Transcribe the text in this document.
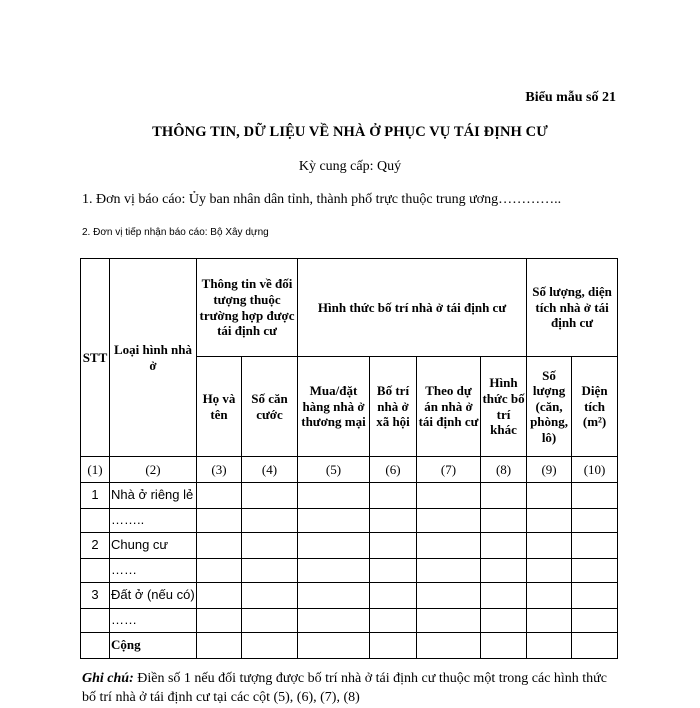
Biểu mẫu số 21
THÔNG TIN, DỮ LIỆU VỀ NHÀ Ở PHỤC VỤ TÁI ĐỊNH CƯ
Kỳ cung cấp: Quý
1. Đơn vị báo cáo: Ủy ban nhân dân tỉnh, thành phố trực thuộc trung ương…………..
2. Đơn vị tiếp nhận báo cáo: Bộ Xây dựng
STT	Loại hình nhà ở	Thông tin về đối tượng thuộc trường hợp được tái định cư		Hình thức bố trí nhà ở tái định cư				Số lượng, diện tích nhà ở tái định cư	
		Họ và tên	Số căn cước	Mua/đặt hàng nhà ở thương mại	Bố trí nhà ở xã hội	Theo dự án nhà ở tái định cư	Hình thức bố trí khác	Số lượng (căn, phòng, lô)	Diện tích (m²)
(1)	(2)	(3)	(4)	(5)	(6)	(7)	(8)	(9)	(10)
1	Nhà ở riêng lẻ								
	……..								
2	Chung cư								
	……								
3	Đất ở (nếu có)								
	……								
	Cộng								
Ghi chú: Điền số 1 nếu đối tượng được bố trí nhà ở tái định cư thuộc một trong các hình thức bố trí nhà ở tái định cư tại các cột (5), (6), (7), (8)
